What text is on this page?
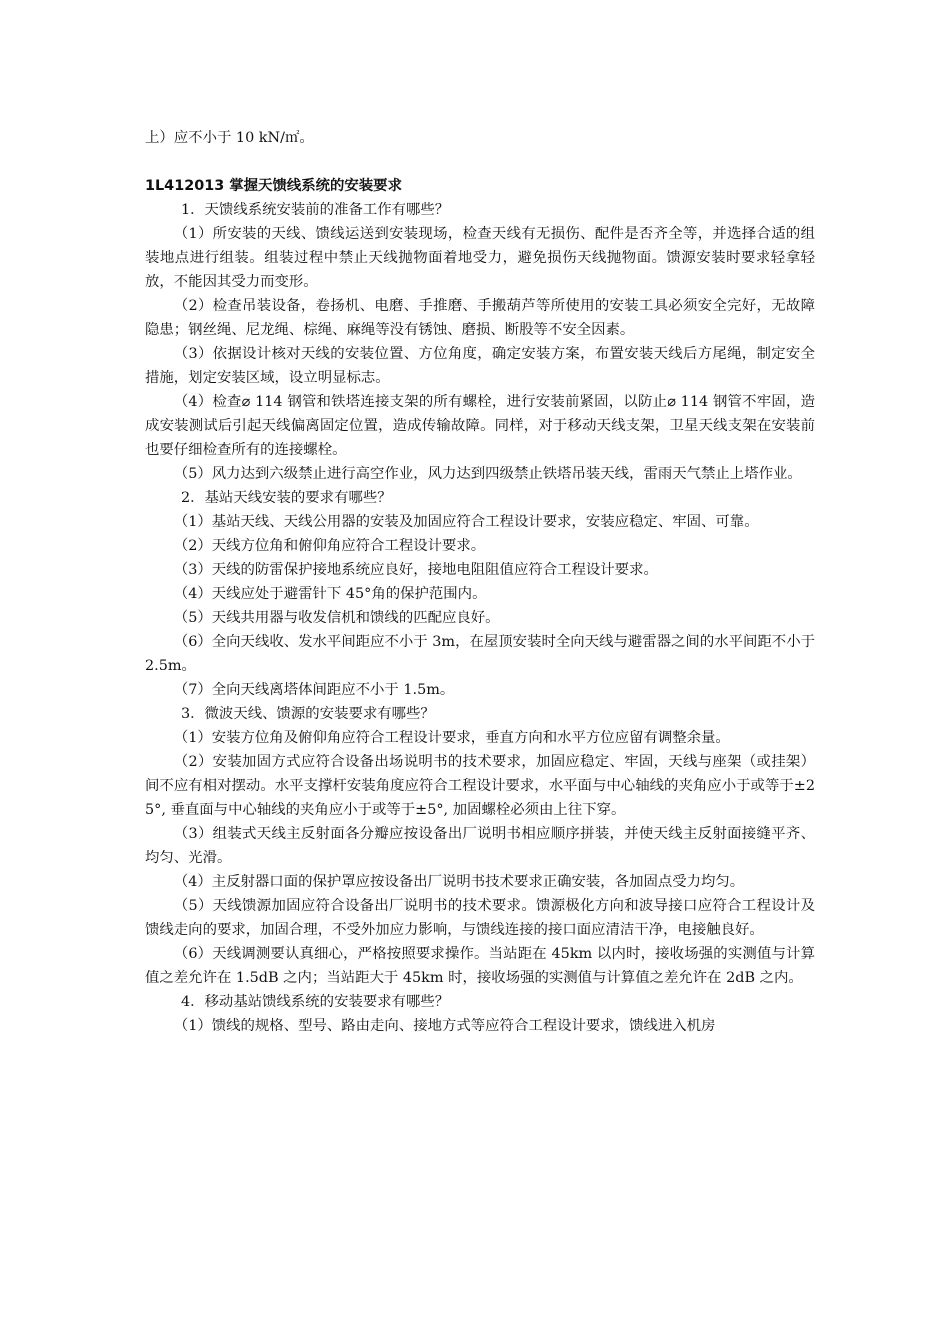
上）应不小于 10 kN/㎡。

1L412013 掌握天馈线系统的安装要求

1．天馈线系统安装前的准备工作有哪些？

（1）所安装的天线、馈线运送到安装现场，检查天线有无损伤、配件是否齐全等，并选择合适的组装地点进行组装。组装过程中禁止天线抛物面着地受力，避免损伤天线抛物面。馈源安装时要求轻拿轻放，不能因其受力而变形。

（2）检查吊装设备，卷扬机、电磨、手推磨、手搬葫芦等所使用的安装工具必须安全完好，无故障隐患；钢丝绳、尼龙绳、棕绳、麻绳等没有锈蚀、磨损、断股等不安全因素。

（3）依据设计核对天线的安装位置、方位角度，确定安装方案，布置安装天线后方尾绳，制定安全措施，划定安装区域，设立明显标志。

（4）检查⌀ 114 钢管和铁塔连接支架的所有螺栓，进行安装前紧固，以防止⌀ 114 钢管不牢固，造成安装测试后引起天线偏离固定位置，造成传输故障。同样，对于移动天线支架，卫星天线支架在安装前也要仔细检查所有的连接螺栓。

（5）风力达到六级禁止进行高空作业，风力达到四级禁止铁塔吊装天线，雷雨天气禁止上塔作业。

2．基站天线安装的要求有哪些？

（1）基站天线、天线公用器的安装及加固应符合工程设计要求，安装应稳定、牢固、可靠。

（2）天线方位角和俯仰角应符合工程设计要求。

（3）天线的防雷保护接地系统应良好，接地电阻阻值应符合工程设计要求。

（4）天线应处于避雷针下 45°角的保护范围内。

（5）天线共用器与收发信机和馈线的匹配应良好。

（6）全向天线收、发水平间距应不小于 3m，在屋顶安装时全向天线与避雷器之间的水平间距不小于 2.5m。

（7）全向天线离塔体间距应不小于 1.5m。

3．微波天线、馈源的安装要求有哪些？

（1）安装方位角及俯仰角应符合工程设计要求，垂直方向和水平方位应留有调整余量。

（2）安装加固方式应符合设备出场说明书的技术要求，加固应稳定、牢固，天线与座架（或挂架）间不应有相对摆动。水平支撑杆安装角度应符合工程设计要求，水平面与中心轴线的夹角应小于或等于±25°, 垂直面与中心轴线的夹角应小于或等于±5°, 加固螺栓必须由上往下穿。

（3）组装式天线主反射面各分瓣应按设备出厂说明书相应顺序拼装，并使天线主反射面接缝平齐、均匀、光滑。

（4）主反射器口面的保护罩应按设备出厂说明书技术要求正确安装，各加固点受力均匀。

（5）天线馈源加固应符合设备出厂说明书的技术要求。馈源极化方向和波导接口应符合工程设计及馈线走向的要求，加固合理，不受外加应力影响，与馈线连接的接口面应清洁干净，电接触良好。

（6）天线调测要认真细心，严格按照要求操作。当站距在 45km 以内时，接收场强的实测值与计算值之差允许在 1.5dB 之内；当站距大于 45km 时，接收场强的实测值与计算值之差允许在 2dB 之内。

4．移动基站馈线系统的安装要求有哪些？

（1）馈线的规格、型号、路由走向、接地方式等应符合工程设计要求，馈线进入机房
